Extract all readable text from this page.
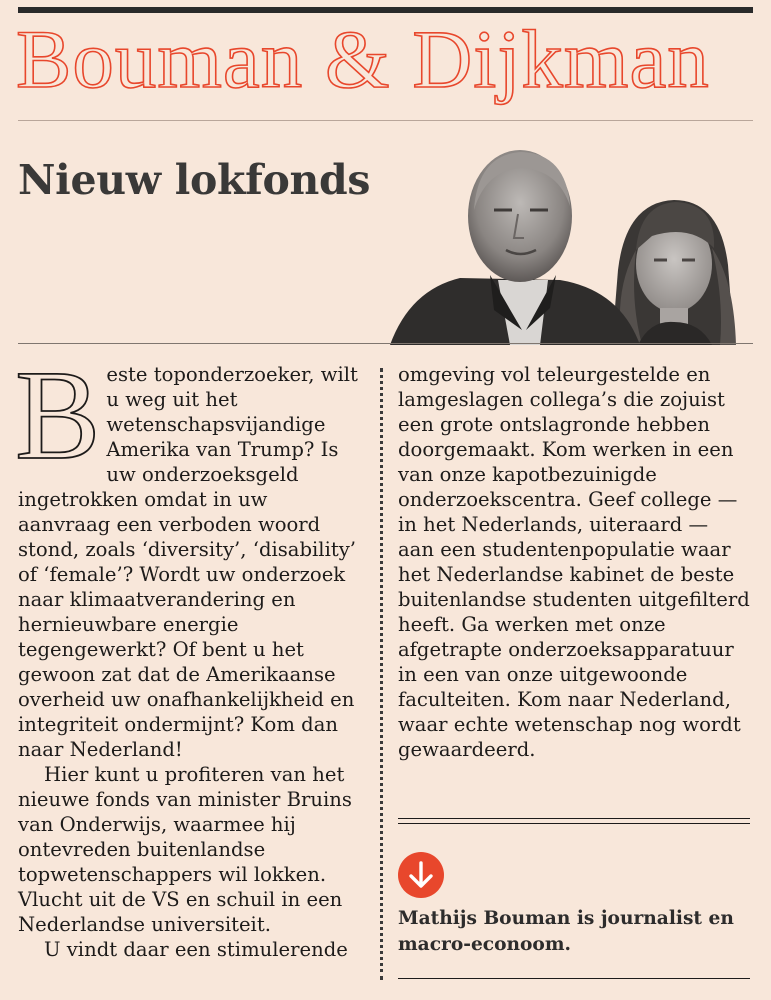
Bouman & Dijkman
Nieuw lokfonds

Beste toponderzoeker, wilt u weg uit het wetenschapsvijandige Amerika van Trump? Is uw onderzoeksgeld ingetrokken omdat in uw aanvraag een verboden woord stond, zoals ‘diversity’, ‘disability’ of ‘female’? Wordt uw onderzoek naar klimaatverandering en hernieuwbare energie tegengewerkt? Of bent u het gewoon zat dat de Amerikaanse overheid uw onafhankelijkheid en integriteit ondermijnt? Kom dan naar Nederland!

Hier kunt u profiteren van het nieuwe fonds van minister Bruins van Onderwijs, waarmee hij ontevreden buitenlandse topwetenschappers wil lokken. Vlucht uit de VS en schuil in een Nederlandse universiteit.

U vindt daar een stimulerende

omgeving vol teleurgestelde en lamgeslagen collega’s die zojuist een grote ontslagronde hebben doorgemaakt. Kom werken in een van onze kapotbezuinigde onderzoekscentra. Geef college — in het Nederlands, uiteraard — aan een studentenpopulatie waar het Nederlandse kabinet de beste buitenlandse studenten uitgefilterd heeft. Ga werken met onze afgetrapte onderzoeksapparatuur in een van onze uitgewoonde faculteiten. Kom naar Nederland, waar echte wetenschap nog wordt gewaardeerd.

Mathijs Bouman is journalist en macro-econoom.
